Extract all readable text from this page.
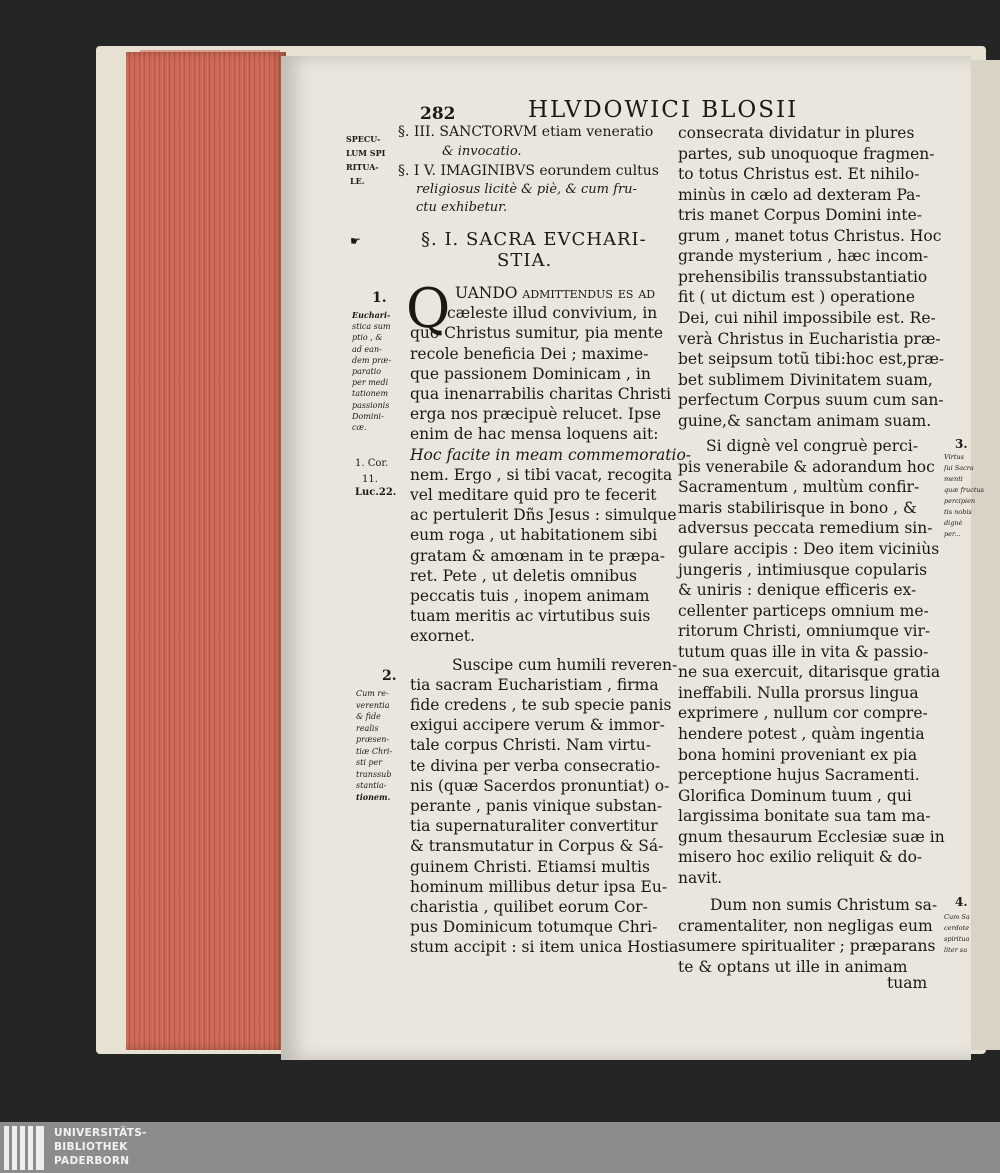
282	HLVDOWICI BLOSII
SPECU-
LUM SPI
RITUA-
LE.
§. III. SANCTORVM etiam veneratio
& invocatio.
§. I V. IMAGINIBVS eorundem cultus
religiosus licitè & piè, & cum fru-
ctu exhibetur.
☛	§. I. SACRA EVCHARI-
STIA.
Q UANDO admittendus es ad
cæleste illud convivium, in
quo Christus sumitur, pia mente
recole beneficia Dei ; maxime-
que passionem Dominicam , in
qua inenarrabilis charitas Christi
erga nos præcipuè relucet. Ipse
enim de hac mensa loquens ait:
Hoc facite in meam commemoratio-
nem. Ergo , si tibi vacat, recogita
vel meditare quid pro te fecerit
ac pertulerit Dñs Jesus : simulque
eum roga , ut habitationem sibi
gratam & amœnam in te præpa-
ret. Pete , ut deletis omnibus
peccatis tuis , inopem animam
tuam meritis ac virtutibus suis
exornet.
Suscipe cum humili reveren-
tia sacram Eucharistiam , firma
fide credens , te sub specie panis
exigui accipere verum & immor-
tale corpus Christi. Nam virtu-
te divina per verba consecratio-
nis (quæ Sacerdos pronuntiat) o-
perante , panis vinique substan-
tia supernaturaliter convertitur
& transmutatur in Corpus & Sá-
guinem Christi. Etiamsi multis
hominum millibus detur ipsa Eu-
charistia , quilibet eorum Cor-
pus Dominicum totumque Chri-
stum accipit : si item unica Hostia
consecrata dividatur in plures
partes, sub unoquoque fragmen-
to totus Christus est. Et nihilo-
minùs in cælo ad dexteram Pa-
tris manet Corpus Domini inte-
grum , manet totus Christus. Hoc
grande mysterium , hæc incom-
prehensibilis transsubstantiatio
fit ( ut dictum est ) operatione
Dei, cui nihil impossibile est. Re-
verà Christus in Eucharistia præ-
bet seipsum totũ tibi:hoc est,præ-
bet sublimem Divinitatem suam,
perfectum Corpus suum cum san-
guine,& sanctam animam suam.
Si dignè vel congruè perci-
pis venerabile & adorandum hoc
Sacramentum , multùm confir-
maris stabilirisque in bono , &
adversus peccata remedium sin-
gulare accipis : Deo item viciniùs
jungeris , intimiusque copularis
& uniris : denique efficeris ex-
cellenter particeps omnium me-
ritorum Christi, omniumque vir-
tutum quas ille in vita & passio-
ne sua exercuit, ditarisque gratia
ineffabili. Nulla prorsus lingua
exprimere , nullum cor compre-
hendere potest , quàm ingentia
bona homini proveniant ex pia
perceptione hujus Sacramenti.
Glorifica Dominum tuum , qui
largissima bonitate sua tam ma-
gnum thesaurum Ecclesiæ suæ in
misero hoc exilio reliquit & do-
navit.
Dum non sumis Christum sa-
cramentaliter, non negligas eum
sumere spiritualiter ; præparans
te & optans ut ille in animam
1.
Euchari-
stica sum
ptio , &
ad ean-
dem præ-
paratio
per medi
tationem
passionis
Domini-
cæ.
1. Cor.
11.
Luc.22.
2.
Cum re-
verentia
& fide
realis
præsen-
tiæ Chri-
sti per
transsub
stantia-
tionem.
3.
Virtus
ſui Sacra
menti
quæ fructus
percipien
tis nobis
dignè
per...
4.
Cum Sa
cerdote
spiritua
liter su
tuam
UNIVERSITÄTS-
BIBLIOTHEK
PADERBORN
